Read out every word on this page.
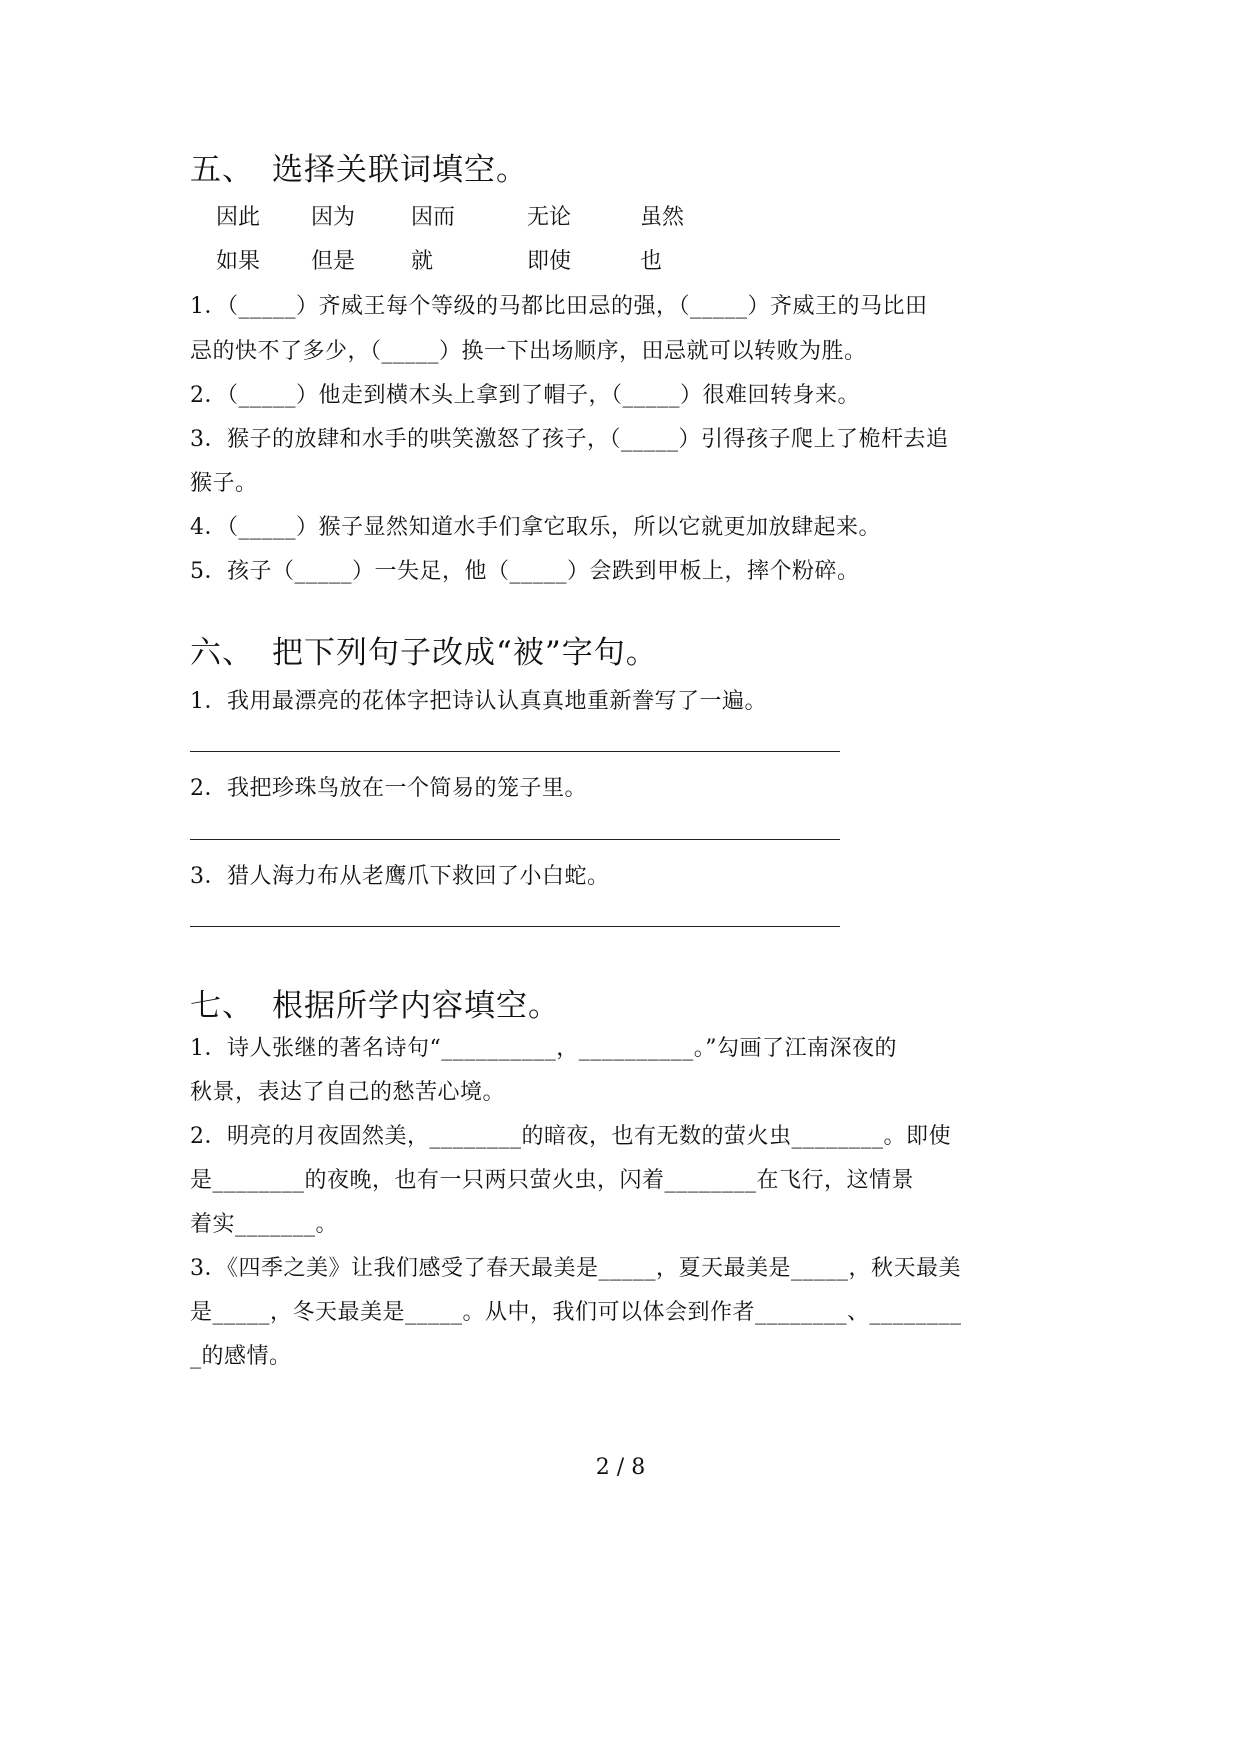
五、 选择关联词填空。
因此 因为	因而	无论	虽然
如果 但是	就	即使	也
1．（_____）齐威王每个等级的马都比田忌的强，（_____）齐威王的马比田
忌的快不了多少，（_____）换一下出场顺序，田忌就可以转败为胜。
2．（_____）他走到横木头上拿到了帽子，（_____）很难回转身来。
3．猴子的放肆和水手的哄笑激怒了孩子，（_____）引得孩子爬上了桅杆去追
猴子。
4．（_____）猴子显然知道水手们拿它取乐，所以它就更加放肆起来。
5．孩子（_____）一失足，他（_____）会跌到甲板上，摔个粉碎。
六、 把下列句子改成“被”字句。
1．我用最漂亮的花体字把诗认认真真地重新誊写了一遍。
2．我把珍珠鸟放在一个简易的笼子里。
3．猎人海力布从老鹰爪下救回了小白蛇。
七、 根据所学内容填空。
1．诗人张继的著名诗句“__________，__________。”勾画了江南深夜的
秋景，表达了自己的愁苦心境。
2．明亮的月夜固然美，________的暗夜，也有无数的萤火虫________。即使
是________的夜晚，也有一只两只萤火虫，闪着________在飞行，这情景
着实_______。
3．《四季之美》让我们感受了春天最美是_____，夏天最美是_____，秋天最美
是_____，冬天最美是_____。从中，我们可以体会到作者________、________
_的感情。
2 / 8
